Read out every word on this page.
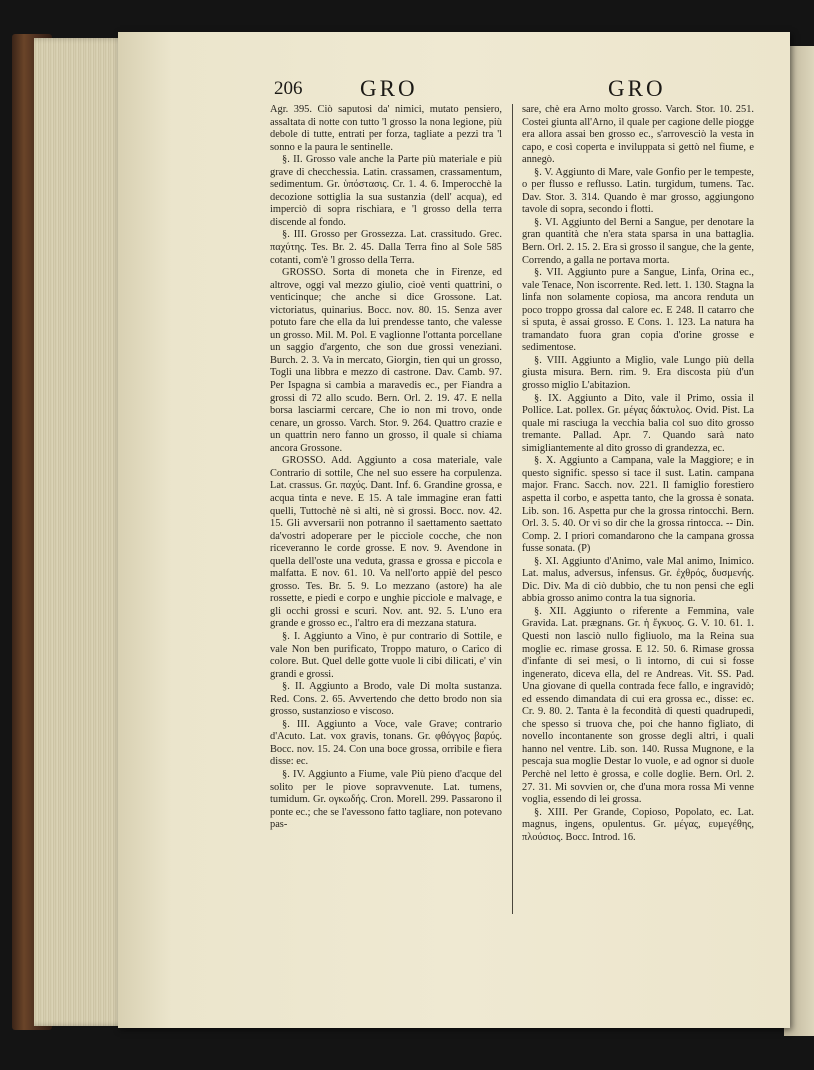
206	GRO	GRO

Agr. 395. Ciò saputosi da' nimici, mutato pensiero, assaltata di notte con tutto 'l grosso la nona legione, più debole di tutte, entrati per forza, tagliate a pezzi tra 'l sonno e la paura le sentinelle.

§. II. Grosso vale anche la Parte più materiale e più grave di checchessia. Latin. crassamen, crassamentum, sedimentum. Gr. ὑπόστασις. Cr. 1. 4. 6. Imperocchè la decozione sottiglia la sua sustanzia (dell' acqua), ed imperciò di sopra rischiara, e 'l grosso della terra discende al fondo.

§. III. Grosso per Grossezza. Lat. crassitudo. Grec. παχύτης. Tes. Br. 2. 45. Dalla Terra fino al Sole 585 cotanti, com'è 'l grosso della Terra.

GROSSO. Sorta di moneta che in Firenze, ed altrove, oggi val mezzo giulio, cioè venti quattrini, o venticinque; che anche si dice Grossone. Lat. victoriatus, quinarius. Bocc. nov. 80. 15. Senza aver potuto fare che ella da lui prendesse tanto, che valesse un grosso. Mil. M. Pol. E vaglionne l'ottanta porcellane un saggio d'argento, che son due grossi veneziani. Burch. 2. 3. Va in mercato, Giorgin, tien qui un grosso, Togli una libbra e mezzo di castrone. Dav. Camb. 97. Per Ispagna si cambia a maravedis ec., per Fiandra a grossi di 72 allo scudo. Bern. Orl. 2. 19. 47. E nella borsa lasciarmi cercare, Che io non mi trovo, onde cenare, un grosso. Varch. Stor. 9. 264. Quattro crazie e un quattrin nero fanno un grosso, il quale si chiama ancora Grossone.

GROSSO. Add. Aggiunto a cosa materiale, vale Contrario di sottile, Che nel suo essere ha corpulenza. Lat. crassus. Gr. παχύς. Dant. Inf. 6. Grandine grossa, e acqua tinta e neve. E 15. A tale immagine eran fatti quelli, Tuttochè nè sì alti, nè sì grossi. Bocc. nov. 42. 15. Gli avversarii non potranno il saettamento saettato da'vostri adoperare per le picciole cocche, che non riceveranno le corde grosse. E nov. 9. Avendone in quella dell'oste una veduta, grassa e grossa e piccola e malfatta. E nov. 61. 10. Va nell'orto appiè del pesco grosso. Tes. Br. 5. 9. Lo mezzano (astore) ha ale rossette, e piedi e corpo e unghie picciole e malvage, e gli occhi grossi e scuri. Nov. ant. 92. 5. L'uno era grande e grosso ec., l'altro era di mezzana statura.

§. I. Aggiunto a Vino, è pur contrario di Sottile, e vale Non ben purificato, Troppo maturo, o Carico di colore. But. Quel delle gotte vuole li cibi dilicati, e' vin grandi e grossi.

§. II. Aggiunto a Brodo, vale Di molta sustanza. Red. Cons. 2. 65. Avvertendo che detto brodo non sia grosso, sustanzioso e viscoso.

§. III. Aggiunto a Voce, vale Grave; contrario d'Acuto. Lat. vox gravis, tonans. Gr. φθόγγος βαρύς. Bocc. nov. 15. 24. Con una boce grossa, orribile e fiera disse: ec.

§. IV. Aggiunto a Fiume, vale Più pieno d'acque del solito per le piove sopravvenute. Lat. tumens, tumidum. Gr. ογκωδής. Cron. Morell. 299. Passarono il ponte ec.; che se l'avessono fatto tagliare, non potevano pas-

sare, chè era Arno molto grosso. Varch. Stor. 10. 251. Costei giunta all'Arno, il quale per cagione delle piogge era allora assai ben grosso ec., s'arrovesciò la vesta in capo, e così coperta e inviluppata si gettò nel fiume, e annegò.

§. V. Aggiunto di Mare, vale Gonfio per le tempeste, o per flusso e reflusso. Latin. turgidum, tumens. Tac. Dav. Stor. 3. 314. Quando è mar grosso, aggiungono tavole di sopra, secondo i flotti.

§. VI. Aggiunto del Berni a Sangue, per denotare la gran quantità che n'era stata sparsa in una battaglia. Bern. Orl. 2. 15. 2. Era sì grosso il sangue, che la gente, Correndo, a galla ne portava morta.

§. VII. Aggiunto pure a Sangue, Linfa, Orina ec., vale Tenace, Non iscorrente. Red. lett. 1. 130. Stagna la linfa non solamente copiosa, ma ancora renduta un poco troppo grossa dal calore ec. E 248. Il catarro che si sputa, è assai grosso. E Cons. 1. 123. La natura ha tramandato fuora gran copia d'orine grosse e sedimentose.

§. VIII. Aggiunto a Miglio, vale Lungo più della giusta misura. Bern. rim. 9. Era discosta più d'un grosso miglio L'abitazion.

§. IX. Aggiunto a Dito, vale il Primo, ossia il Pollice. Lat. pollex. Gr. μέγας δάκτυλος. Ovid. Pist. La quale mi rasciuga la vecchia balia col suo dito grosso tremante. Pallad. Apr. 7. Quando sarà nato simigliantemente al dito grosso di grandezza, ec.

§. X. Aggiunto a Campana, vale la Maggiore; e in questo signific. spesso si tace il sust. Latin. campana major. Franc. Sacch. nov. 221. Il famiglio forestiero aspetta il corbo, e aspetta tanto, che la grossa è sonata. Lib. son. 16. Aspetta pur che la grossa rintocchi. Bern. Orl. 3. 5. 40. Or vi so dir che la grossa rintocca. -- Din. Comp. 2. I priori comandarono che la campana grossa fusse sonata. (P)

§. XI. Aggiunto d'Animo, vale Mal animo, Inimico. Lat. malus, adversus, infensus. Gr. ἐχθρός, δυσμενής. Dic. Div. Ma di ciò dubbio, che tu non pensi che egli abbia grosso animo contra la tua signoria.

§. XII. Aggiunto o riferente a Femmina, vale Gravida. Lat. prægnans. Gr. ἡ ἔγκυος. G. V. 10. 61. 1. Questi non lasciò nullo figliuolo, ma la Reina sua moglie ec. rimase grossa. E 12. 50. 6. Rimase grossa d'infante di sei mesi, o lì intorno, di cui si fosse ingenerato, diceva ella, del re Andreas. Vit. SS. Pad. Una giovane di quella contrada fece fallo, e ingravidò; ed essendo dimandata di cui era grossa ec., disse: ec. Cr. 9. 80. 2. Tanta è la fecondità di questi quadrupedi, che spesso si truova che, poi che hanno figliato, di novello incontanente son grosse degli altri, i quali hanno nel ventre. Lib. son. 140. Russa Mugnone, e la pescaja sua moglie Destar lo vuole, e ad ognor si duole Perchè nel letto è grossa, e colle doglie. Bern. Orl. 2. 27. 31. Mi sovvien or, che d'una mora rossa Mi venne voglia, essendo di lei grossa.

§. XIII. Per Grande, Copioso, Popolato, ec. Lat. magnus, ingens, opulentus. Gr. μέγας, ευμεγέθης, πλούσιος. Bocc. Introd. 16.
